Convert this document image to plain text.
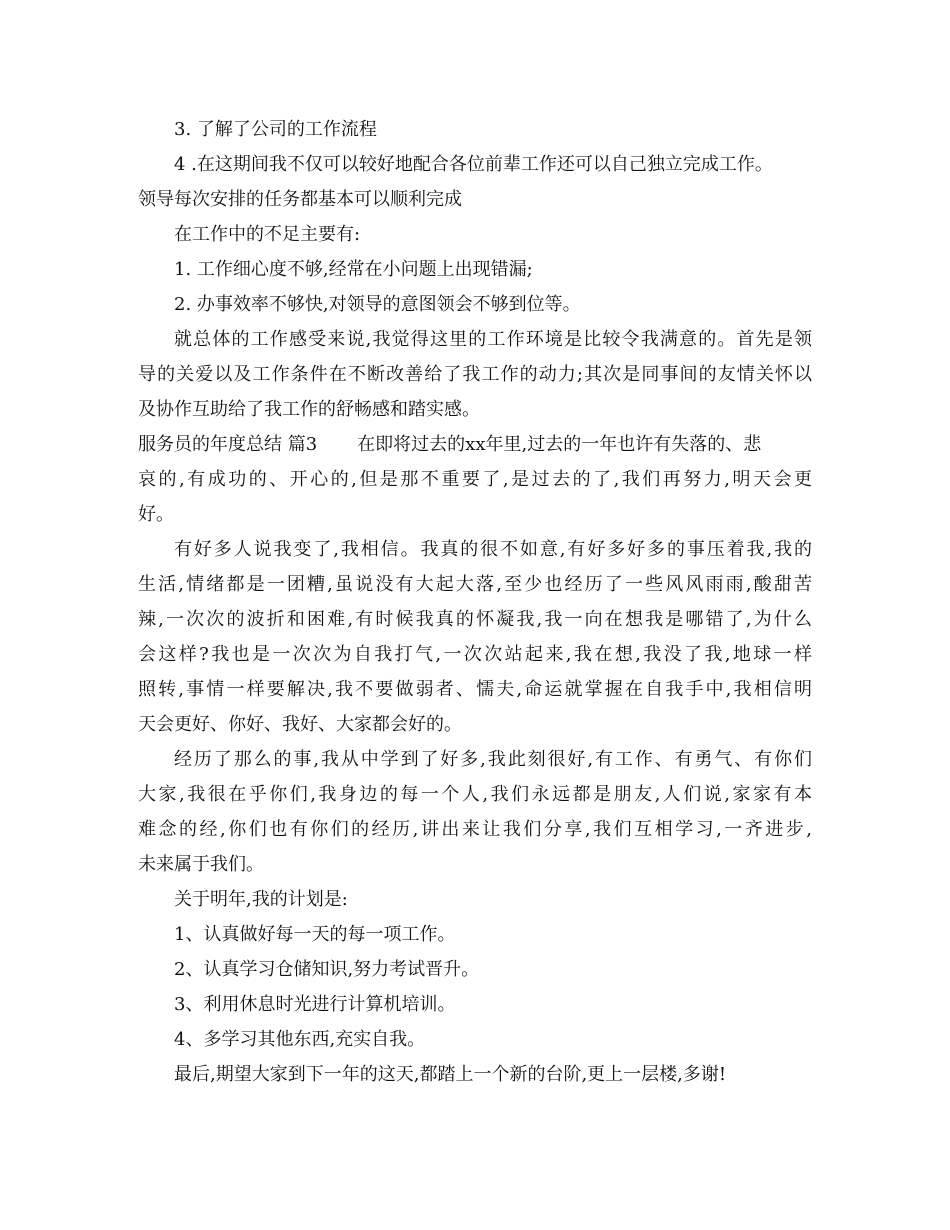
3. 了解了公司的工作流程
4 .在这期间我不仅可以较好地配合各位前辈工作还可以自己独立完成工作。
领导每次安排的任务都基本可以顺利完成
在工作中的不足主要有:
1. 工作细心度不够,经常在小问题上出现错漏;
2. 办事效率不够快,对领导的意图领会不够到位等。
就总体的工作感受来说,我觉得这里的工作环境是比较令我满意的。首先是领
导的关爱以及工作条件在不断改善给了我工作的动力;其次是同事间的友情关怀以
及协作互助给了我工作的舒畅感和踏实感。
服务员的年度总结 篇3 在即将过去的xx年里,过去的一年也许有失落的、悲
哀的,有成功的、开心的,但是那不重要了,是过去的了,我们再努力,明天会更
好。
有好多人说我变了,我相信。我真的很不如意,有好多好多的事压着我,我的
生活,情绪都是一团糟,虽说没有大起大落,至少也经历了一些风风雨雨,酸甜苦
辣,一次次的波折和困难,有时候我真的怀凝我,我一向在想我是哪错了,为什么
会这样?我也是一次次为自我打气,一次次站起来,我在想,我没了我,地球一样
照转,事情一样要解决,我不要做弱者、懦夫,命运就掌握在自我手中,我相信明
天会更好、你好、我好、大家都会好的。
经历了那么的事,我从中学到了好多,我此刻很好,有工作、有勇气、有你们
大家,我很在乎你们,我身边的每一个人,我们永远都是朋友,人们说,家家有本
难念的经,你们也有你们的经历,讲出来让我们分享,我们互相学习,一齐进步,
未来属于我们。
关于明年,我的计划是:
1、认真做好每一天的每一项工作。
2、认真学习仓储知识,努力考试晋升。
3、利用休息时光进行计算机培训。
4、多学习其他东西,充实自我。
最后,期望大家到下一年的这天,都踏上一个新的台阶,更上一层楼,多谢!
